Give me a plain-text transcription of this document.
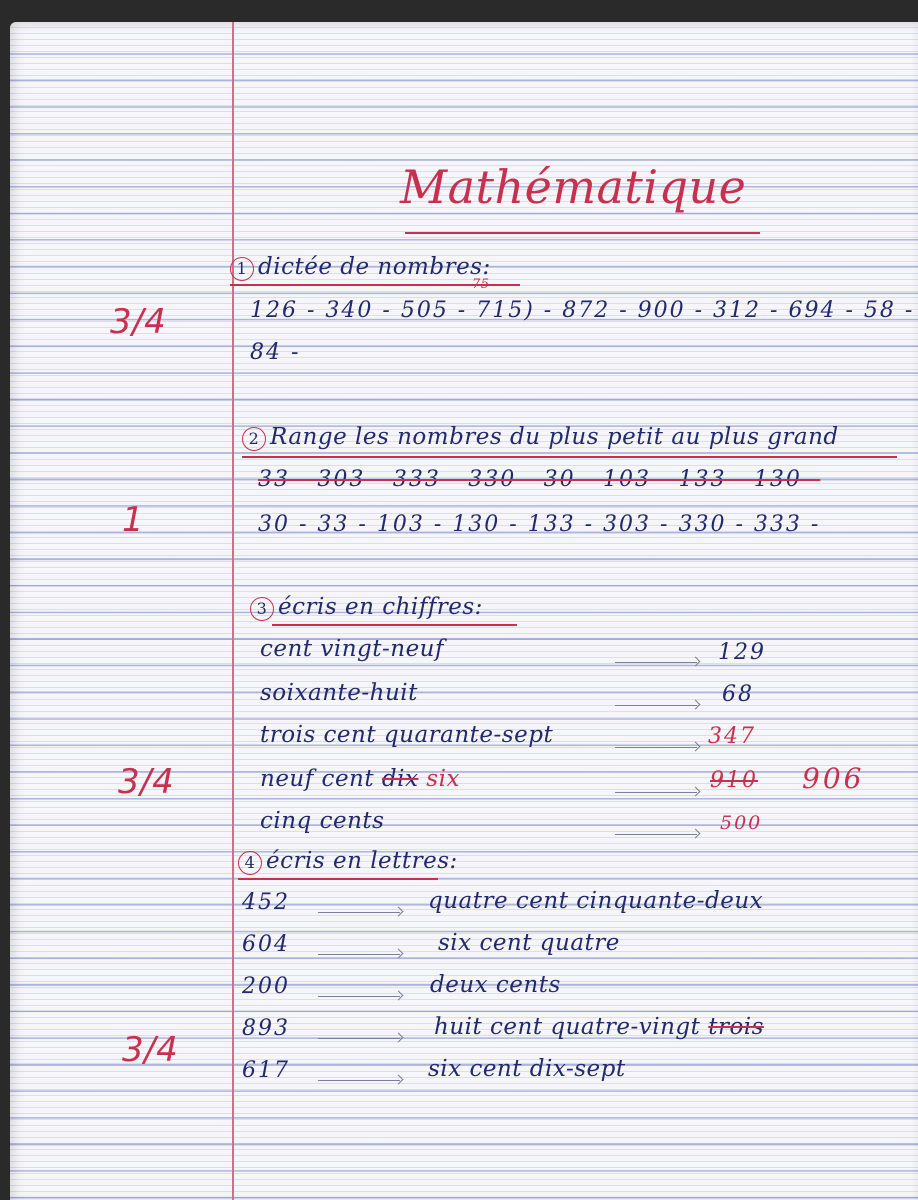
Mathématique
1 dictée de nombres:
75
126 - 340 - 505 - 715) - 872 - 900 - 312 - 694 - 58 -
84 -
3/4
2 Range les nombres du plus petit au plus grand
33 - 303 - 333 - 330 - 30 - 103 - 133 - 130 -
30 - 33 - 103 - 130 - 133 - 303 - 330 - 333 -
1
3 écris en chiffres:
cent vingt-neuf	129
soixante-huit	68
trois cent quarante-sept	347
neuf cent dix six	910 906
cinq cents	500
3/4
4 écris en lettres:
452	quatre cent cinquante-deux
604	six cent quatre
200	deux cents
893	huit cent quatre-vingt trois
617	six cent dix-sept
3/4
